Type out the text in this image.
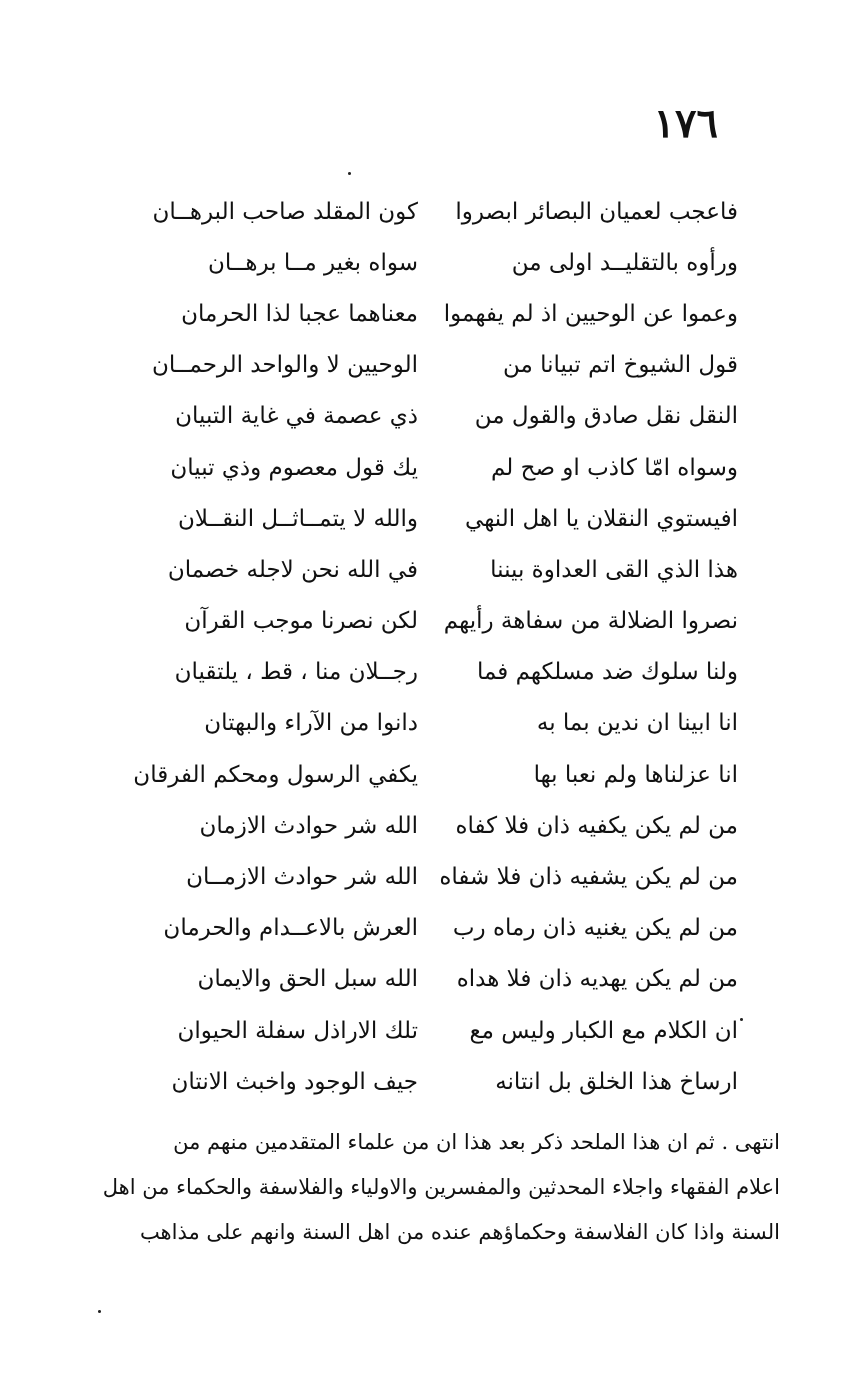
١٧٦
فاعجب لعميان البصائر ابصروا
كون المقلد صاحب البرهــان
ورأوه بالتقليــد اولى من
سواه بغير مــا برهــان
وعموا عن الوحيين اذ لم يفهموا
معناهما عجبا لذا الحرمان
قول الشيوخ اتم تبيانا من
الوحيين لا والواحد الرحمــان
النقل نقل صادق والقول من
ذي عصمة في غاية التبيان
وسواه امّا كاذب او صح لم
يك قول معصوم وذي تبيان
افيستوي النقلان يا اهل النهي
والله لا يتمــاثــل النقــلان
هذا الذي القى العداوة بيننا
في الله نحن لاجله خصمان
نصروا الضلالة من سفاهة رأيهم
لكن نصرنا موجب القرآن
ولنا سلوك ضد مسلكهم فما
رجــلان منا ، قط ، يلتقيان
انا ابينا ان ندين بما به
دانوا من الآراء والبهتان
انا عزلناها ولم نعبا بها
يكفي الرسول ومحكم الفرقان
من لم يكن يكفيه ذان فلا كفاه
الله شر حوادث الازمان
من لم يكن يشفيه ذان فلا شفاه
الله شر حوادث الازمــان
من لم يكن يغنيه ذان رماه رب
العرش بالاعــدام والحرمان
من لم يكن يهديه ذان فلا هداه
الله سبل الحق والايمان
ان الكلام مع الكبار وليس مع
تلك الاراذل سفلة الحيوان
ارساخ هذا الخلق بل انتانه
جيف الوجود واخبث الانتان
انتهى . ثم ان هذا الملحد ذكر بعد هذا ان من علماء المتقدمين منهم من
اعلام الفقهاء واجلاء المحدثين والمفسرين والاولياء والفلاسفة والحكماء من اهل
السنة واذا كان الفلاسفة وحكماؤهم عنده من اهل السنة وانهم على مذاهب
